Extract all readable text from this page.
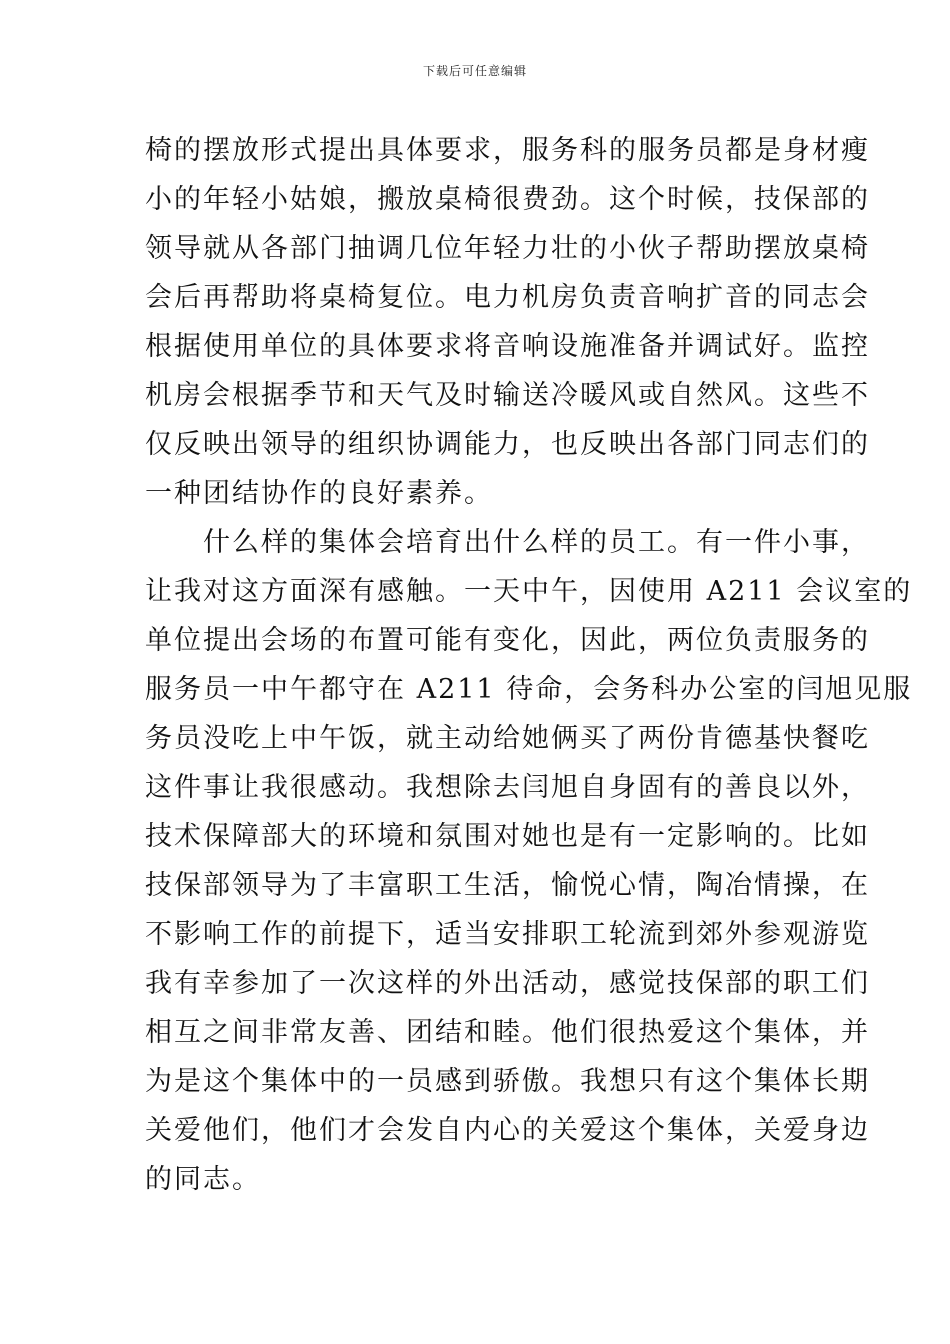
下载后可任意编辑
椅的摆放形式提出具体要求，服务科的服务员都是身材瘦
小的年轻小姑娘，搬放桌椅很费劲。这个时候，技保部的
领导就从各部门抽调几位年轻力壮的小伙子帮助摆放桌椅
会后再帮助将桌椅复位。电力机房负责音响扩音的同志会
根据使用单位的具体要求将音响设施准备并调试好。监控
机房会根据季节和天气及时输送冷暖风或自然风。这些不
仅反映出领导的组织协调能力，也反映出各部门同志们的
一种团结协作的良好素养。
什么样的集体会培育出什么样的员工。有一件小事，
让我对这方面深有感触。一天中午，因使用 A211 会议室的
单位提出会场的布置可能有变化，因此，两位负责服务的
服务员一中午都守在 A211 待命，会务科办公室的闫旭见服
务员没吃上中午饭，就主动给她俩买了两份肯德基快餐吃
这件事让我很感动。我想除去闫旭自身固有的善良以外，
技术保障部大的环境和氛围对她也是有一定影响的。比如
技保部领导为了丰富职工生活，愉悦心情，陶冶情操，在
不影响工作的前提下，适当安排职工轮流到郊外参观游览
我有幸参加了一次这样的外出活动，感觉技保部的职工们
相互之间非常友善、团结和睦。他们很热爱这个集体，并
为是这个集体中的一员感到骄傲。我想只有这个集体长期
关爱他们，他们才会发自内心的关爱这个集体，关爱身边
的同志。
